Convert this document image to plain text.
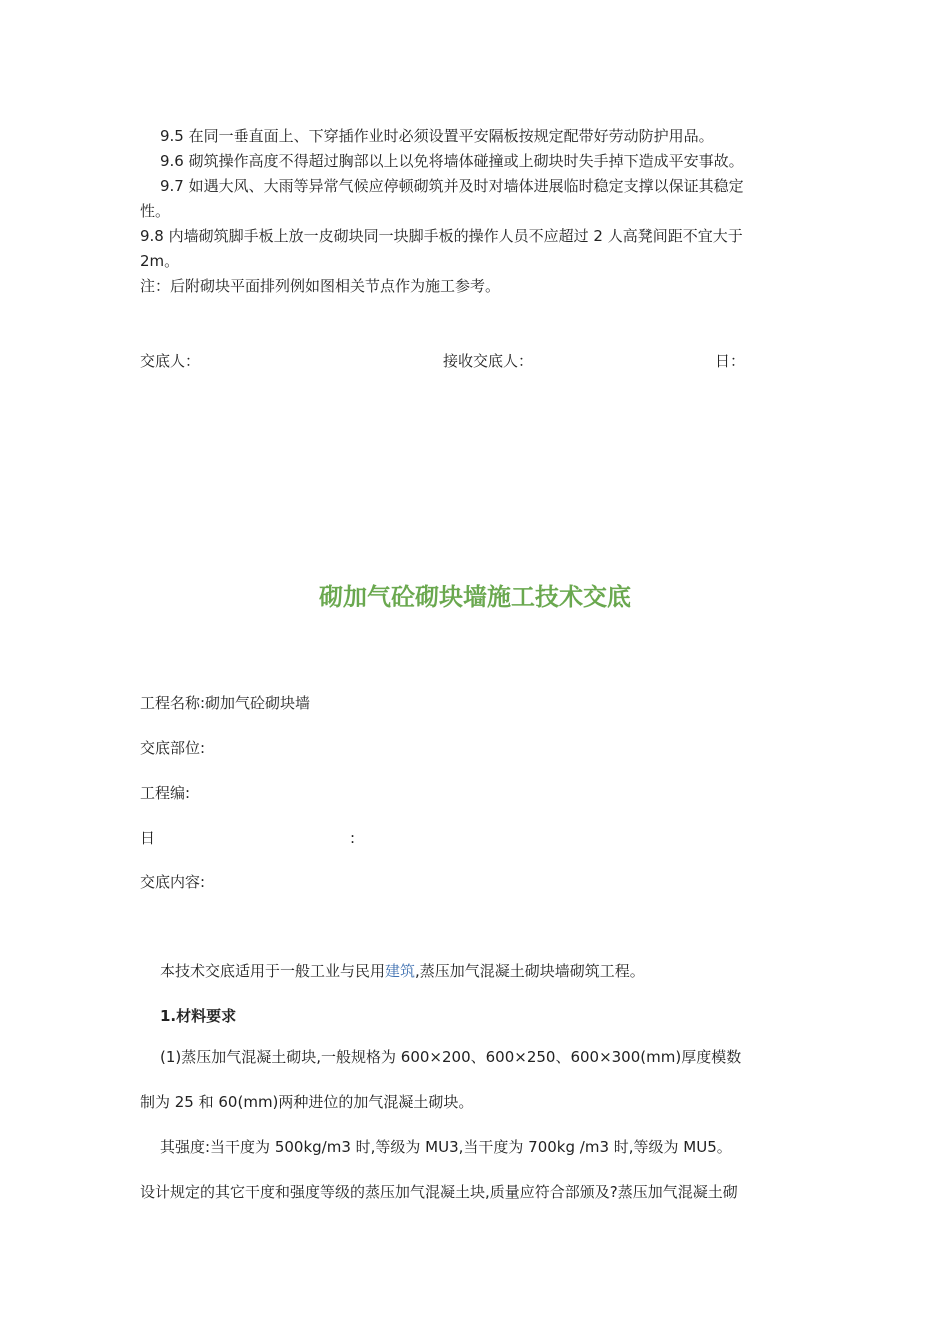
9.5 在同一垂直面上、下穿插作业时必须设置平安隔板按规定配带好劳动防护用品。
9.6 砌筑操作高度不得超过胸部以上以免将墙体碰撞或上砌块时失手掉下造成平安事故。
9.7 如遇大风、大雨等异常气候应停顿砌筑并及时对墙体进展临时稳定支撑以保证其稳定
性。
9.8 内墙砌筑脚手板上放一皮砌块同一块脚手板的操作人员不应超过 2 人高凳间距不宜大于
2m。
注：后附砌块平面排列例如图相关节点作为施工参考。
交底人：	接收交底人：	日：
砌加气砼砌块墙施工技术交底
工程名称:砌加气砼砌块墙
交底部位:
工程编:
日	:
交底内容:
本技术交底适用于一般工业与民用建筑,蒸压加气混凝土砌块墙砌筑工程。
1.材料要求
(1)蒸压加气混凝土砌块,一般规格为 600×200、600×250、600×300(mm)厚度模数
制为 25 和 60(mm)两种进位的加气混凝土砌块。
其强度:当干度为 500kg/m3 时,等级为 MU3,当干度为 700kg /m3 时,等级为 MU5。
设计规定的其它干度和强度等级的蒸压加气混凝土块,质量应符合部颁及?蒸压加气混凝土砌
